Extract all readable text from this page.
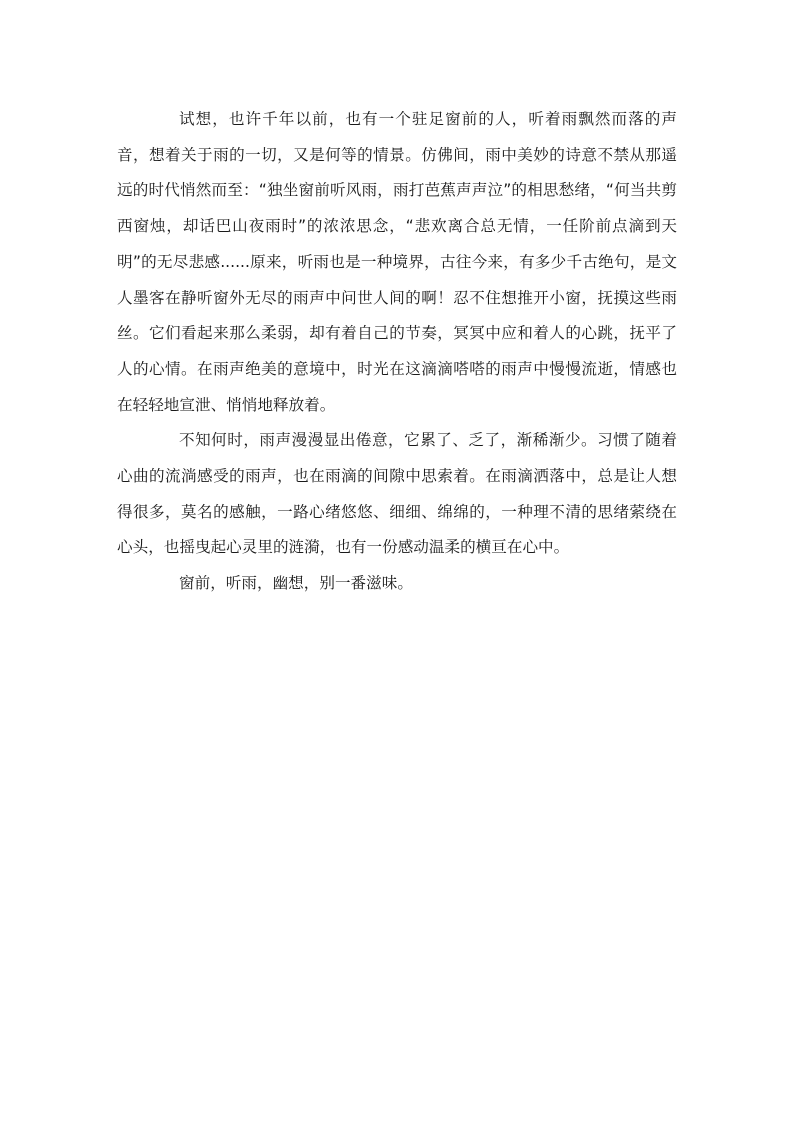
试想，也许千年以前，也有一个驻足窗前的人，听着雨飘然而落的声音，想着关于雨的一切，又是何等的情景。仿佛间，雨中美妙的诗意不禁从那遥远的时代悄然而至：“独坐窗前听风雨，雨打芭蕉声声泣”的相思愁绪，“何当共剪西窗烛，却话巴山夜雨时”的浓浓思念，“悲欢离合总无情，一任阶前点滴到天明”的无尽悲感......原来，听雨也是一种境界，古往今来，有多少千古绝句，是文人墨客在静听窗外无尽的雨声中问世人间的啊！忍不住想推开小窗，抚摸这些雨丝。它们看起来那么柔弱，却有着自己的节奏，冥冥中应和着人的心跳，抚平了人的心情。在雨声绝美的意境中，时光在这滴滴嗒嗒的雨声中慢慢流逝，情感也在轻轻地宣泄、悄悄地释放着。

不知何时，雨声漫漫显出倦意，它累了、乏了，渐稀渐少。习惯了随着心曲的流淌感受的雨声，也在雨滴的间隙中思索着。在雨滴洒落中，总是让人想得很多，莫名的感触，一路心绪悠悠、细细、绵绵的，一种理不清的思绪萦绕在心头，也摇曳起心灵里的涟漪，也有一份感动温柔的横亘在心中。

窗前，听雨，幽想，别一番滋味。
